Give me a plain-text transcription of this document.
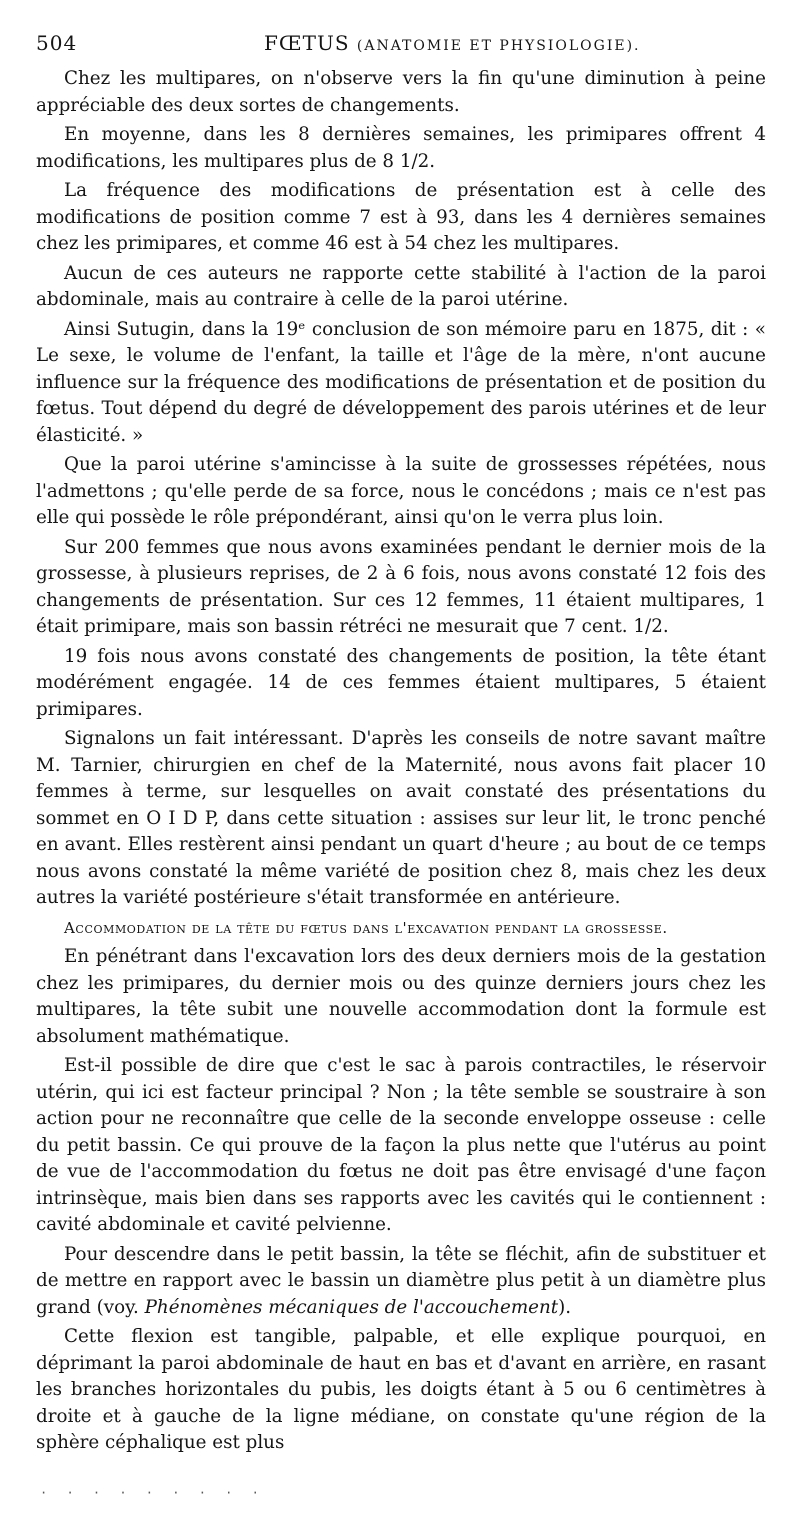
504	FŒTUS (ANATOMIE ET PHYSIOLOGIE).

Chez les multipares, on n'observe vers la fin qu'une diminution à peine appréciable des deux sortes de changements.

En moyenne, dans les 8 dernières semaines, les primipares offrent 4 modifications, les multipares plus de 8 1/2.

La fréquence des modifications de présentation est à celle des modifications de position comme 7 est à 93, dans les 4 dernières semaines chez les primipares, et comme 46 est à 54 chez les multipares.

Aucun de ces auteurs ne rapporte cette stabilité à l'action de la paroi abdominale, mais au contraire à celle de la paroi utérine.

Ainsi Sutugin, dans la 19ᵉ conclusion de son mémoire paru en 1875, dit : « Le sexe, le volume de l'enfant, la taille et l'âge de la mère, n'ont aucune influence sur la fréquence des modifications de présentation et de position du fœtus. Tout dépend du degré de développement des parois utérines et de leur élasticité. »

Que la paroi utérine s'amincisse à la suite de grossesses répétées, nous l'admettons ; qu'elle perde de sa force, nous le concédons ; mais ce n'est pas elle qui possède le rôle prépondérant, ainsi qu'on le verra plus loin.

Sur 200 femmes que nous avons examinées pendant le dernier mois de la grossesse, à plusieurs reprises, de 2 à 6 fois, nous avons constaté 12 fois des changements de présentation. Sur ces 12 femmes, 11 étaient multipares, 1 était primipare, mais son bassin rétréci ne mesurait que 7 cent. 1/2.

19 fois nous avons constaté des changements de position, la tête étant modérément engagée. 14 de ces femmes étaient multipares, 5 étaient primipares.

Signalons un fait intéressant. D'après les conseils de notre savant maître M. Tarnier, chirurgien en chef de la Maternité, nous avons fait placer 10 femmes à terme, sur lesquelles on avait constaté des présentations du sommet en O I D P, dans cette situation : assises sur leur lit, le tronc penché en avant. Elles restèrent ainsi pendant un quart d'heure ; au bout de ce temps nous avons constaté la même variété de position chez 8, mais chez les deux autres la variété postérieure s'était transformée en antérieure.

Accommodation de la tête du fœtus dans l'excavation pendant la grossesse.

En pénétrant dans l'excavation lors des deux derniers mois de la gestation chez les primipares, du dernier mois ou des quinze derniers jours chez les multipares, la tête subit une nouvelle accommodation dont la formule est absolument mathématique.

Est-il possible de dire que c'est le sac à parois contractiles, le réservoir utérin, qui ici est facteur principal ? Non ; la tête semble se soustraire à son action pour ne reconnaître que celle de la seconde enveloppe osseuse : celle du petit bassin. Ce qui prouve de la façon la plus nette que l'utérus au point de vue de l'accommodation du fœtus ne doit pas être envisagé d'une façon intrinsèque, mais bien dans ses rapports avec les cavités qui le contiennent : cavité abdominale et cavité pelvienne.

Pour descendre dans le petit bassin, la tête se fléchit, afin de substituer et de mettre en rapport avec le bassin un diamètre plus petit à un diamètre plus grand (voy. Phénomènes mécaniques de l'accouchement).

Cette flexion est tangible, palpable, et elle explique pourquoi, en déprimant la paroi abdominale de haut en bas et d'avant en arrière, en rasant les branches horizontales du pubis, les doigts étant à 5 ou 6 centimètres à droite et à gauche de la ligne médiane, on constate qu'une région de la sphère céphalique est plus

· · · · · · · · ·
